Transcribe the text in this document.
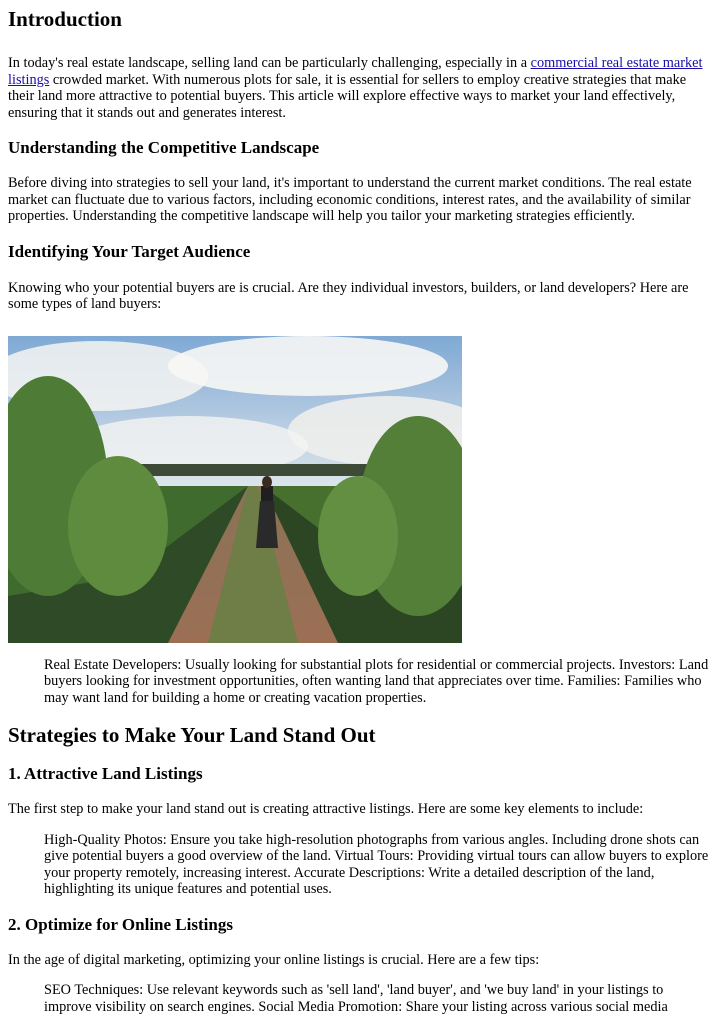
Introduction

In today's real estate landscape, selling land can be particularly challenging, especially in a commercial real estate market listings crowded market. With numerous plots for sale, it is essential for sellers to employ creative strategies that make their land more attractive to potential buyers. This article will explore effective ways to market your land effectively, ensuring that it stands out and generates interest.

Understanding the Competitive Landscape

Before diving into strategies to sell your land, it's important to understand the current market conditions. The real estate market can fluctuate due to various factors, including economic conditions, interest rates, and the availability of similar properties. Understanding the competitive landscape will help you tailor your marketing strategies efficiently.

Identifying Your Target Audience

Knowing who your potential buyers are is crucial. Are they individual investors, builders, or land developers? Here are some types of land buyers:

Real Estate Developers: Usually looking for substantial plots for residential or commercial projects. Investors: Land buyers looking for investment opportunities, often wanting land that appreciates over time. Families: Families who may want land for building a home or creating vacation properties.

Strategies to Make Your Land Stand Out
1. Attractive Land Listings

The first step to make your land stand out is creating attractive listings. Here are some key elements to include:

High-Quality Photos: Ensure you take high-resolution photographs from various angles. Including drone shots can give potential buyers a good overview of the land. Virtual Tours: Providing virtual tours can allow buyers to explore your property remotely, increasing interest. Accurate Descriptions: Write a detailed description of the land, highlighting its unique features and potential uses.

2. Optimize for Online Listings

In the age of digital marketing, optimizing your online listings is crucial. Here are a few tips:

SEO Techniques: Use relevant keywords such as 'sell land', 'land buyer', and 'we buy land' in your listings to improve visibility on search engines. Social Media Promotion: Share your listing across various social media
